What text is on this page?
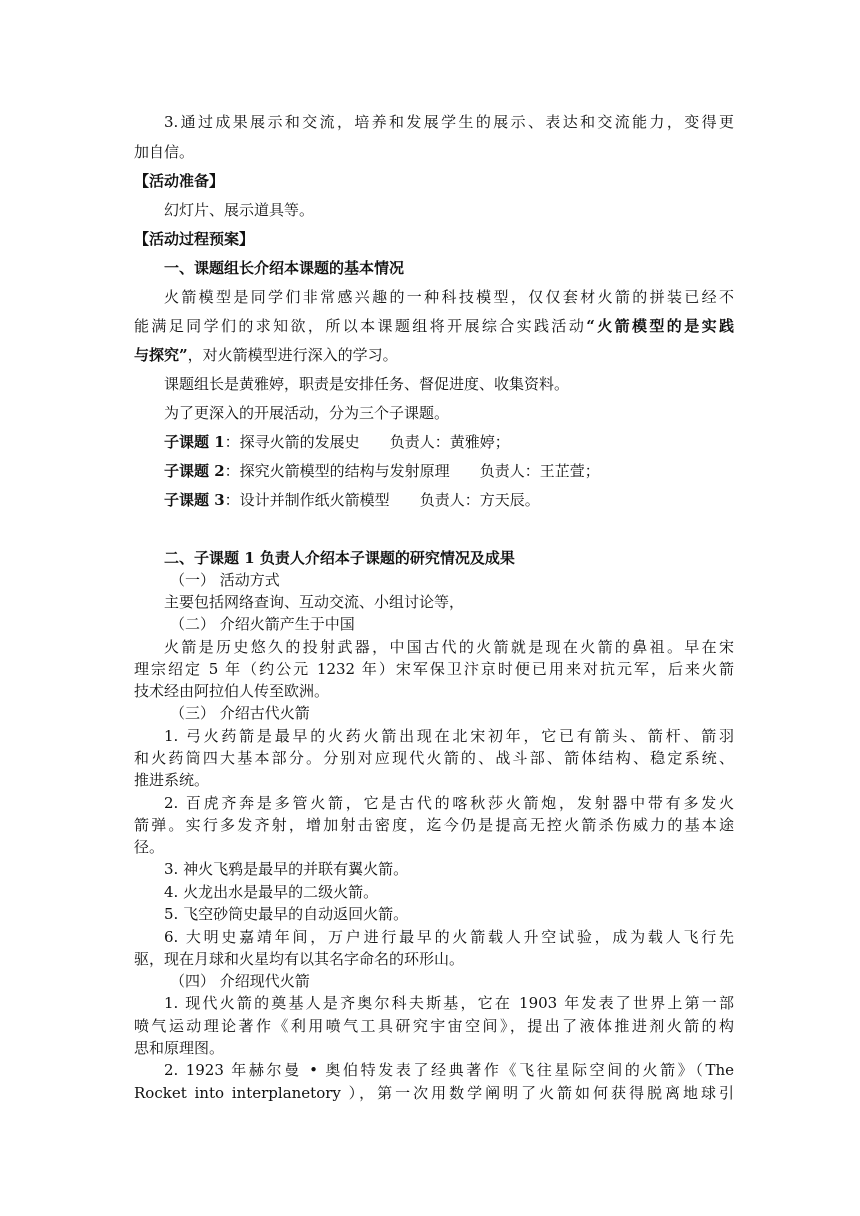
3.通过成果展示和交流，培养和发展学生的展示、表达和交流能力，变得更
加自信。
【活动准备】
幻灯片、展示道具等。
【活动过程预案】
一、课题组长介绍本课题的基本情况
火箭模型是同学们非常感兴趣的一种科技模型，仅仅套材火箭的拼装已经不
能满足同学们的求知欲，所以本课题组将开展综合实践活动“火箭模型的是实践
与探究”，对火箭模型进行深入的学习。
课题组长是黄雅婷，职责是安排任务、督促进度、收集资料。
为了更深入的开展活动，分为三个子课题。
子课题 1：探寻火箭的发展史 负责人：黄雅婷；
子课题 2：探究火箭模型的结构与发射原理 负责人：王芷萱；
子课题 3：设计并制作纸火箭模型 负责人：方天辰。
二、子课题 1 负责人介绍本子课题的研究情况及成果
（一） 活动方式
主要包括网络查询、互动交流、小组讨论等，
（二） 介绍火箭产生于中国
火箭是历史悠久的投射武器，中国古代的火箭就是现在火箭的鼻祖。早在宋
理宗绍定 5 年（约公元 1232 年）宋军保卫汴京时便已用来对抗元军，后来火箭
技术经由阿拉伯人传至欧洲。
（三） 介绍古代火箭
1. 弓火药箭是最早的火药火箭出现在北宋初年，它已有箭头、箭杆、箭羽
和火药筒四大基本部分。分别对应现代火箭的、战斗部、箭体结构、稳定系统、
推进系统。
2. 百虎齐奔是多管火箭，它是古代的喀秋莎火箭炮，发射器中带有多发火
箭弹。实行多发齐射，增加射击密度，迄今仍是提高无控火箭杀伤威力的基本途
径。
3. 神火飞鸦是最早的并联有翼火箭。
4. 火龙出水是最早的二级火箭。
5. 飞空砂筒史最早的自动返回火箭。
6. 大明史嘉靖年间，万户进行最早的火箭载人升空试验，成为载人飞行先
驱，现在月球和火星均有以其名字命名的环形山。
（四） 介绍现代火箭
1. 现代火箭的奠基人是齐奥尔科夫斯基，它在 1903 年发表了世界上第一部
喷气运动理论著作《利用喷气工具研究宇宙空间》，提出了液体推进剂火箭的构
思和原理图。
2. 1923 年赫尔曼 • 奥伯特发表了经典著作《飞往星际空间的火箭》（The
Rocket into interplanetory ），第一次用数学阐明了火箭如何获得脱离地球引
